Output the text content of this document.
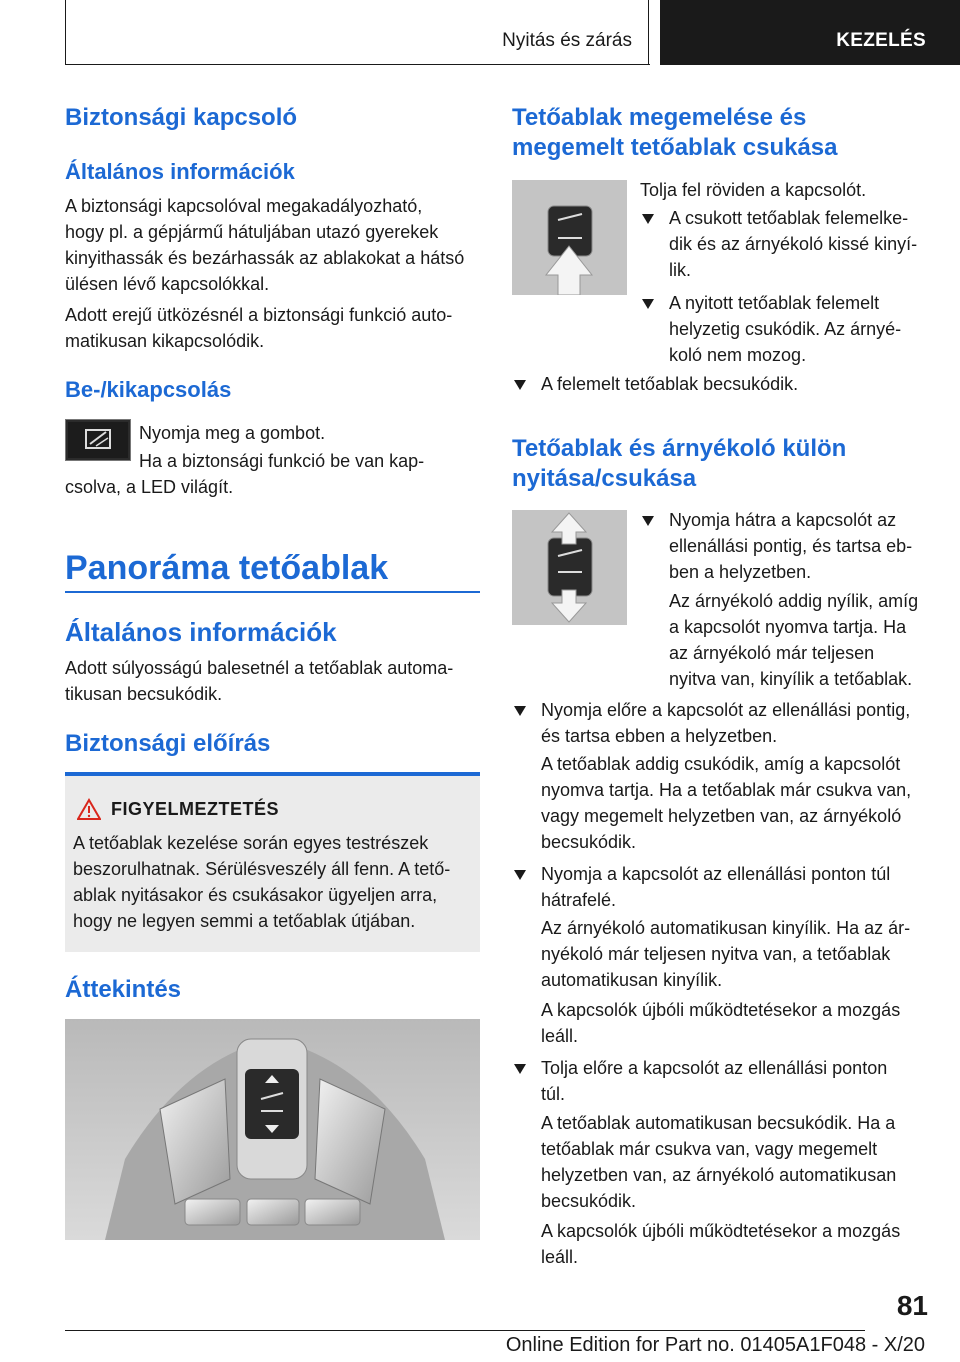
Nyitás és zárás	KEZELÉS
Biztonsági kapcsoló
Általános információk
A biztonsági kapcsolóval megakadályozható,
hogy pl. a gépjármű hátuljában utazó gyerekek
kinyithassák és bezárhassák az ablakokat a hátsó
ülésen lévő kapcsolókkal.
Adott erejű ütközésnél a biztonsági funkció auto-
matikusan kikapcsolódik.
Be-/kikapcsolás
Nyomja meg a gombot.
Ha a biztonsági funkció be van kap-
csolva, a LED világít.
Panoráma tetőablak
Általános információk
Adott súlyosságú balesetnél a tetőablak automa-
tikusan becsukódik.
Biztonsági előírás
FIGYELMEZTETÉS
A tetőablak kezelése során egyes testrészek
beszorulhatnak. Sérülésveszély áll fenn. A tető-
ablak nyitásakor és csukásakor ügyeljen arra,
hogy ne legyen semmi a tetőablak útjában.
Áttekintés
Tetőablak megemelése és
megemelt tetőablak csukása
Tolja fel röviden a kapcsolót.
A csukott tetőablak felemelke-
dik és az árnyékoló kissé kinyí-
lik.
A nyitott tetőablak felemelt
helyzetig csukódik. Az árnyé-
koló nem mozog.
A felemelt tetőablak becsukódik.
Tetőablak és árnyékoló külön
nyitása/csukása
Nyomja hátra a kapcsolót az
ellenállási pontig, és tartsa eb-
ben a helyzetben.
Az árnyékoló addig nyílik, amíg
a kapcsolót nyomva tartja. Ha
az árnyékoló már teljesen
nyitva van, kinyílik a tetőablak.
Nyomja előre a kapcsolót az ellenállási pontig,
és tartsa ebben a helyzetben.
A tetőablak addig csukódik, amíg a kapcsolót
nyomva tartja. Ha a tetőablak már csukva van,
vagy megemelt helyzetben van, az árnyékoló
becsukódik.
Nyomja a kapcsolót az ellenállási ponton túl
hátrafelé.
Az árnyékoló automatikusan kinyílik. Ha az ár-
nyékoló már teljesen nyitva van, a tetőablak
automatikusan kinyílik.
A kapcsolók újbóli működtetésekor a mozgás
leáll.
Tolja előre a kapcsolót az ellenállási ponton
túl.
A tetőablak automatikusan becsukódik. Ha a
tetőablak már csukva van, vagy megemelt
helyzetben van, az árnyékoló automatikusan
becsukódik.
A kapcsolók újbóli működtetésekor a mozgás
leáll.
81
Online Edition for Part no. 01405A1F048 - X/20
